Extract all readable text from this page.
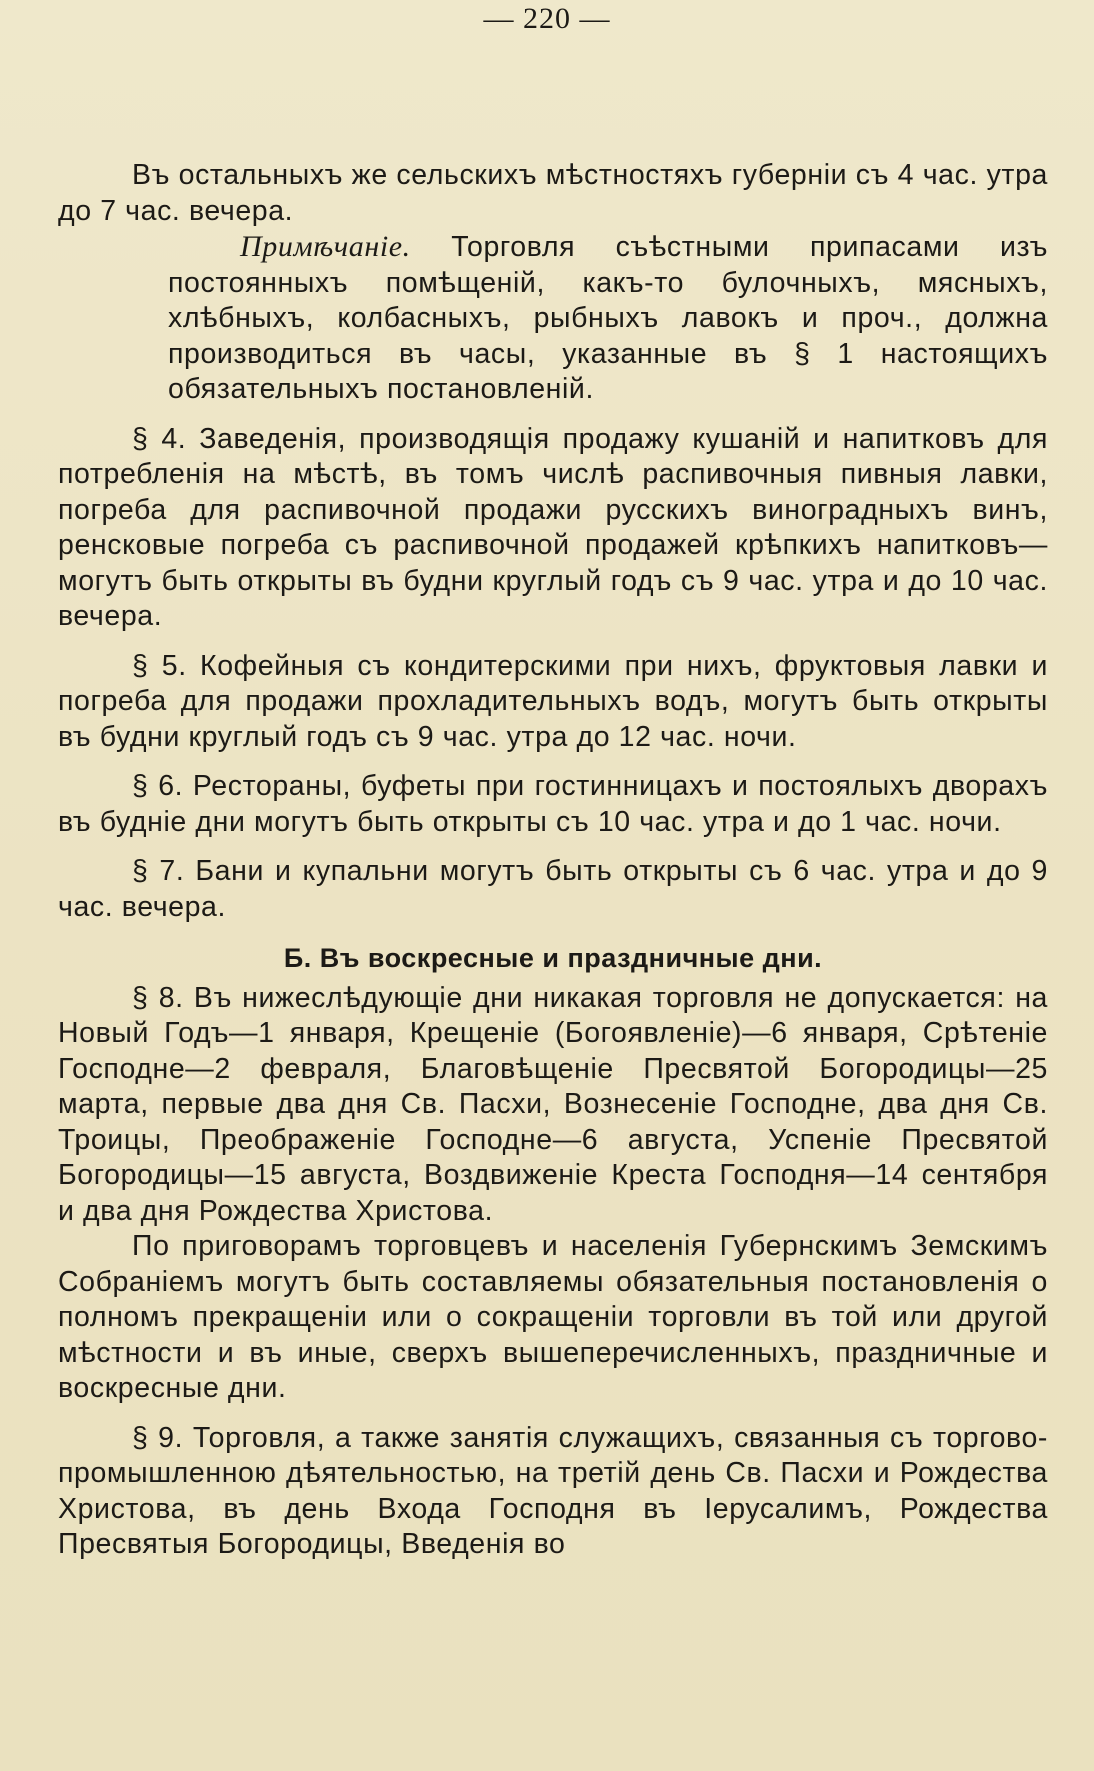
— 220 —

Въ остальныхъ же сельскихъ мѣстностяхъ губерніи съ 4 час. утра до 7 час. вечера.

Примѣчаніе. Торговля съѣстными припасами изъ постоянныхъ помѣщеній, какъ-то булочныхъ, мясныхъ, хлѣбныхъ, колбасныхъ, рыбныхъ лавокъ и проч., должна производиться въ часы, указанные въ § 1 настоящихъ обязательныхъ постановленій.

§ 4. Заведенія, производящія продажу кушаній и напитковъ для потребленія на мѣстѣ, въ томъ числѣ распивочныя пивныя лавки, погреба для распивочной продажи русскихъ виноградныхъ винъ, ренсковые погреба съ распивочной продажей крѣпкихъ напитковъ—могутъ быть открыты въ будни круглый годъ съ 9 час. утра и до 10 час. вечера.

§ 5. Кофейныя съ кондитерскими при нихъ, фруктовыя лавки и погреба для продажи прохладительныхъ водъ, могутъ быть открыты въ будни круглый годъ съ 9 час. утра до 12 час. ночи.

§ 6. Рестораны, буфеты при гостинницахъ и постоялыхъ дворахъ въ будніе дни могутъ быть открыты съ 10 час. утра и до 1 час. ночи.

§ 7. Бани и купальни могутъ быть открыты съ 6 час. утра и до 9 час. вечера.

Б. Въ воскресные и праздничные дни.

§ 8. Въ нижеслѣдующіе дни никакая торговля не допускается: на Новый Годъ—1 января, Крещеніе (Богоявленіе)—6 января, Срѣтеніе Господне—2 февраля, Благовѣщеніе Пресвятой Богородицы—25 марта, первые два дня Св. Пасхи, Вознесеніе Господне, два дня Св. Троицы, Преображеніе Господне—6 августа, Успеніе Пресвятой Богородицы—15 августа, Воздвиженіе Креста Господня—14 сентября и два дня Рождества Христова.

По приговорамъ торговцевъ и населенія Губернскимъ Земскимъ Собраніемъ могутъ быть составляемы обязательныя постановленія о полномъ прекращеніи или о сокращеніи торговли въ той или другой мѣстности и въ иные, сверхъ вышеперечисленныхъ, праздничные и воскресные дни.

§ 9. Торговля, а также занятія служащихъ, связанныя съ торгово-промышленною дѣятельностью, на третій день Св. Пасхи и Рождества Христова, въ день Входа Господня въ Іерусалимъ, Рождества Пресвятыя Богородицы, Введенія во
